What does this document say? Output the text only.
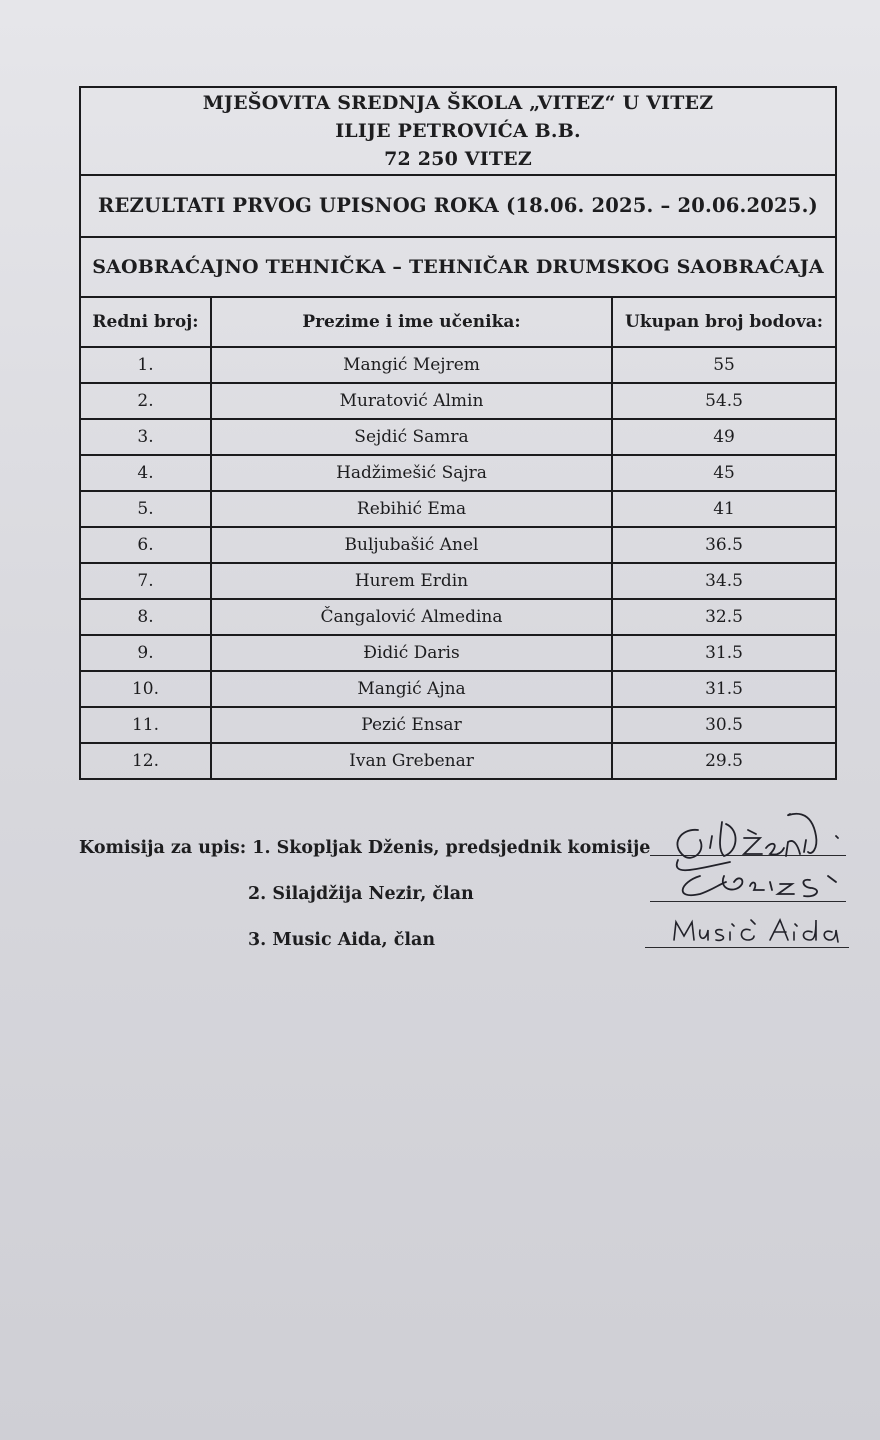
MJEŠOVITA SREDNJA ŠKOLA „VITEZ“ U VITEZ
ILIJE PETROVIĆA B.B.
72 250 VITEZ		

REZULTATI PRVOG UPISNOG ROKA (18.06. 2025. – 20.06.2025.)		
SAOBRAĆAJNO TEHNIČKA – TEHNIČAR DRUMSKOG SAOBRAĆAJA		
Redni broj:	Prezime i ime učenika:	Ukupan broj bodova:
1.	Mangić Mejrem	55
2.	Muratović Almin	54.5
3.	Sejdić Samra	49
4.	Hadžimešić Sajra	45
5.	Rebihić Ema	41
6.	Buljubašić Anel	36.5
7.	Hurem Erdin	34.5
8.	Čangalović Almedina	32.5
9.	Đidić Daris	31.5
10.	Mangić Ajna	31.5
11.	Pezić Ensar	30.5
12.	Ivan Grebenar	29.5
Komisija za upis: 1. Skopljak Dženis, predsjednik komisije
2. Silajdžija Nezir, član
3. Music Aida, član
